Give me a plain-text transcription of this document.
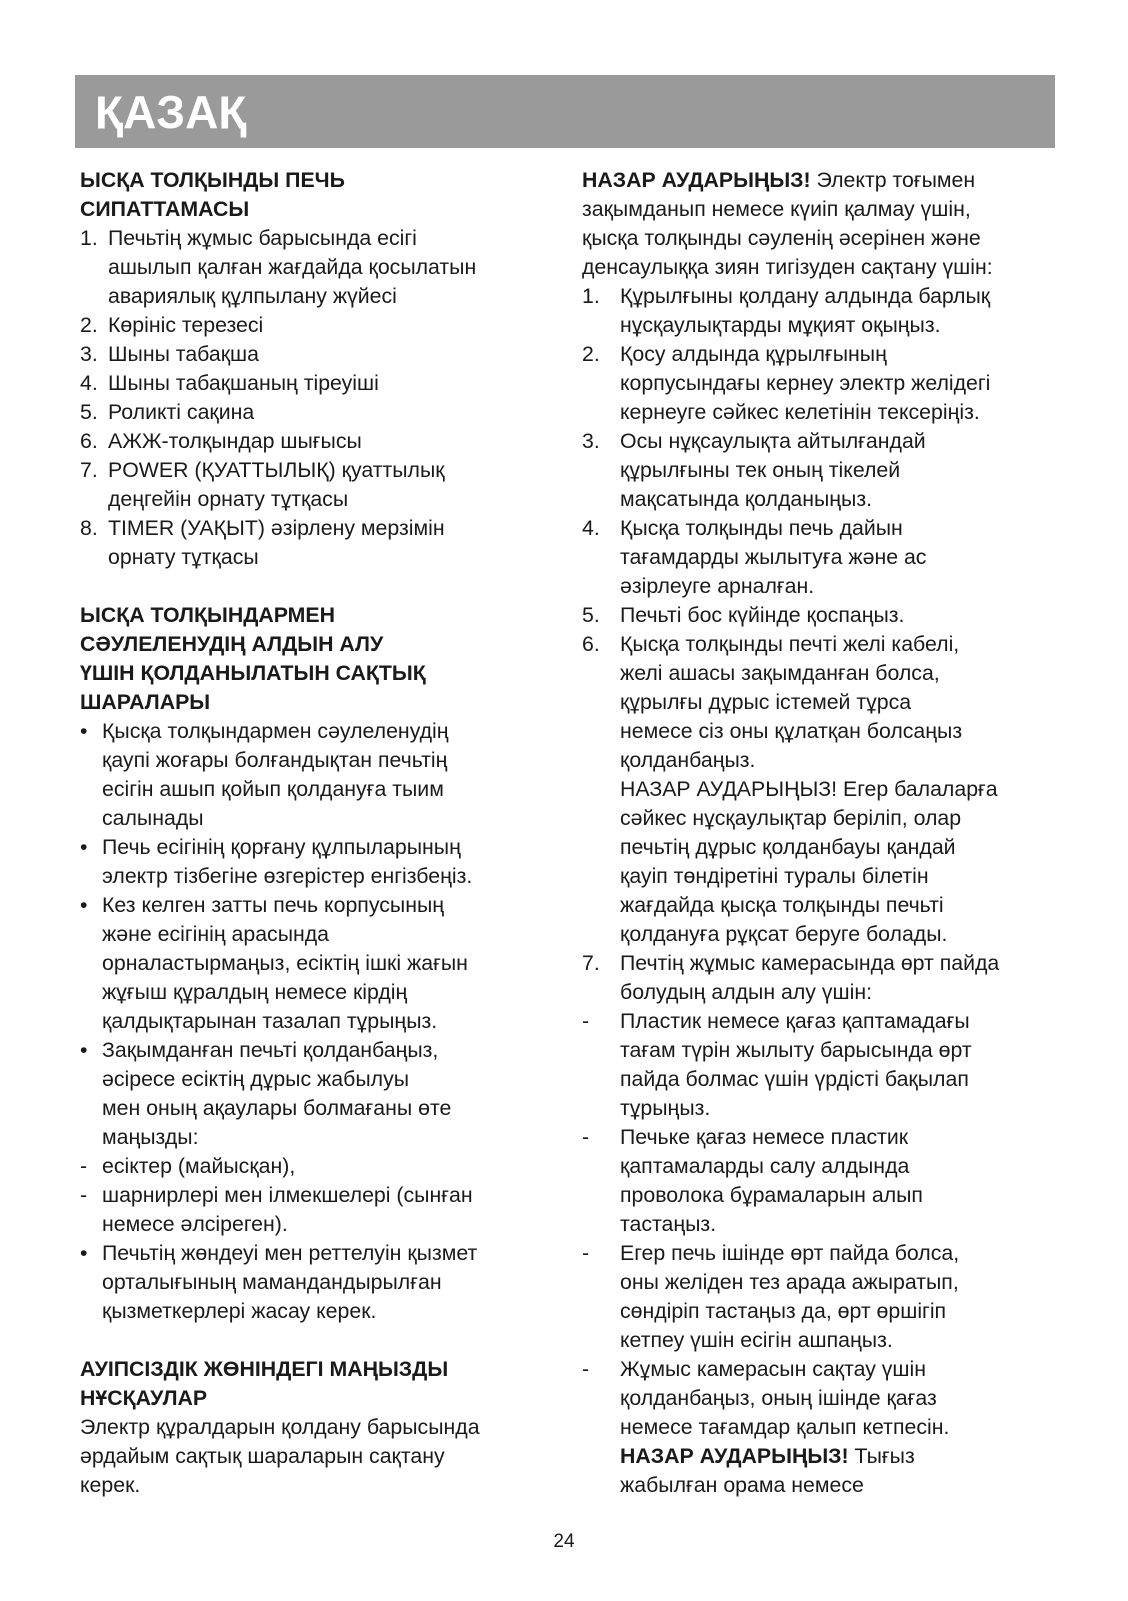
ҚАЗАҚ
ЫСҚА ТОЛҚЫНДЫ ПЕЧЬ
СИПАТТАМАСЫ
1. Печьтің жұмыс барысында есігі
ашылып қалған жағдайда қосылатын
авариялық құлпылану жүйесі
2. Көрініс терезесі
3. Шыны табақша
4. Шыны табақшаның тіреуіші
5. Роликті сақина
6. АЖЖ-толқындар шығысы
7. POWER (ҚУАТТЫЛЫҚ) қуаттылық
деңгейін орнату тұтқасы
8. TIMER (УАҚЫТ) әзірлену мерзімін
орнату тұтқасы
ЫСҚА ТОЛҚЫНДАРМЕН
СӘУЛЕЛЕНУДІҢ АЛДЫН АЛУ
ҮШІН ҚОЛДАНЫЛАТЫН САҚТЫҚ
ШАРАЛАРЫ
• Қысқа толқындармен сәулеленудің
қаупі жоғары болғандықтан печьтің
есігін ашып қойып қолдануға тыим
салынады
• Печь есігінің қорғану құлпыларының
электр тізбегіне өзгерістер енгізбеңіз.
• Кез келген затты печь корпусының
және есігінің арасында
орналастырмаңыз, есіктің ішкі жағын
жұғыш құралдың немесе кірдің
қалдықтарынан тазалап тұрыңыз.
• Зақымданған печьті қолданбаңыз,
әсіресе есіктің дұрыс жабылуы
мен оның ақаулары болмағаны өте
маңызды:
- есіктер (майысқан),
- шарнирлері мен ілмекшелері (сынған
немесе әлсіреген).
• Печьтің жөндеуі мен реттелуін қызмет
орталығының мамандандырылған
қызметкерлері жасау керек.
АУІПСІЗДІК ЖӨНІНДЕГІ МАҢЫЗДЫ
НҰСҚАУЛАР
Электр құралдарын қолдану барысында
әрдайым сақтық шараларын сақтану
керек.
НАЗАР АУДАРЫҢЫЗ! Электр тоғымен
зақымданып немесе күиіп қалмау үшін,
қысқа толқынды сәуленің әсерінен және
денсаулыққа зиян тигізуден сақтану үшін:
1. Құрылғыны қолдану алдында барлық
нұсқаулықтарды мұқият оқыңыз.
2. Қосу алдында құрылғының
корпусындағы кернеу электр желідегі
кернеуге сәйкес келетінін тексеріңіз.
3. Осы нұқсаулықта айтылғандай
құрылғыны тек оның тікелей
мақсатында қолданыңыз.
4. Қысқа толқынды печь дайын
тағамдарды жылытуға және ас
әзірлеуге арналған.
5. Печьті бос күйінде қоспаңыз.
6. Қысқа толқынды печті желі кабелі,
желі ашасы зақымданған болса,
құрылғы дұрыс істемей тұрса
немесе сіз оны құлатқан болсаңыз
қолданбаңыз.
НАЗАР АУДАРЫҢЫЗ! Егер балаларға
сәйкес нұсқаулықтар беріліп, олар
печьтің дұрыс қолданбауы қандай
қауіп төндіретіні туралы білетін
жағдайда қысқа толқынды печьті
қолдануға рұқсат беруге болады.
7. Печтің жұмыс камерасында өрт пайда
болудың алдын алу үшін:
-	Пластик немесе қағаз қаптамадағы
тағам түрін жылыту барысында өрт
пайда болмас үшін үрдісті бақылап
тұрыңыз.
-	Печьке қағаз немесе пластик
қаптамаларды салу алдында
проволока бұрамаларын алып
тастаңыз.
-	Егер печь ішінде өрт пайда болса,
оны желіден тез арада ажыратып,
сөндіріп тастаңыз да, өрт өршігіп
кетпеу үшін есігін ашпаңыз.
-	Жұмыс камерасын сақтау үшін
қолданбаңыз, оның ішінде қағаз
немесе тағамдар қалып кетпесін.
НАЗАР АУДАРЫҢЫЗ! Тығыз
жабылған орама немесе
24
